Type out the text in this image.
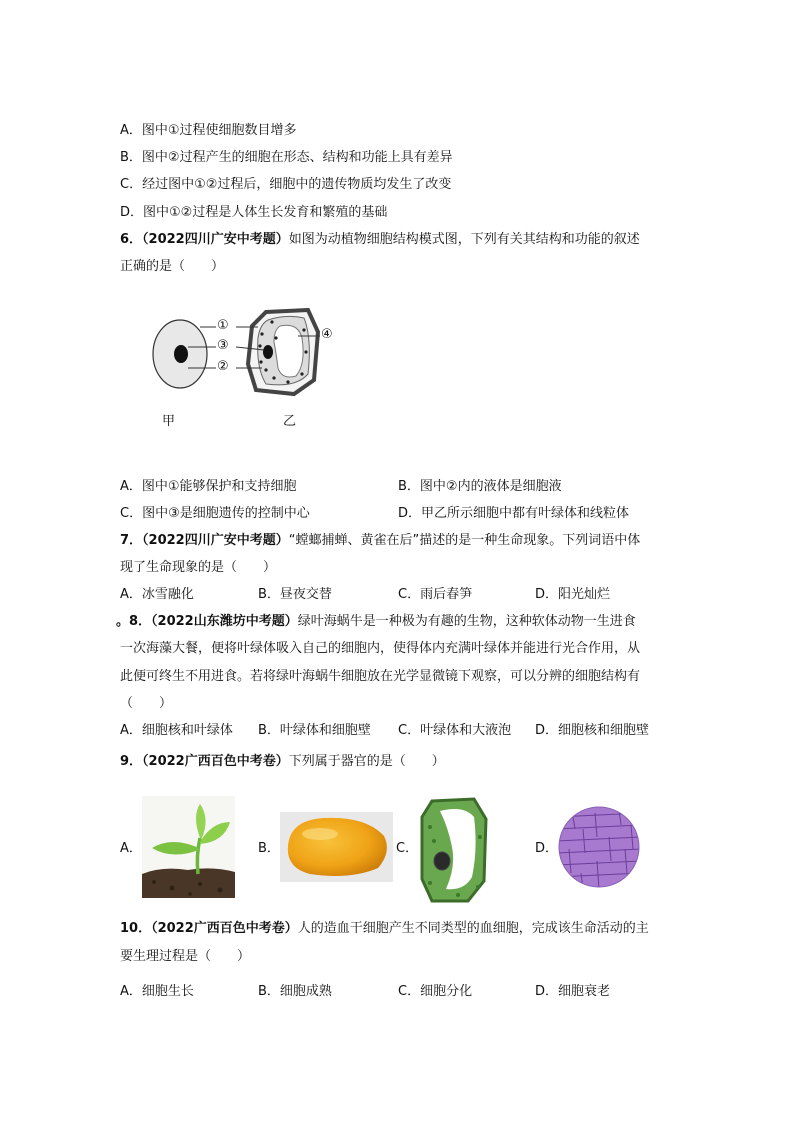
A．图中①过程使细胞数目增多
B．图中②过程产生的细胞在形态、结构和功能上具有差异
C．经过图中①②过程后，细胞中的遗传物质均发生了改变
D．图中①②过程是人体生长发育和繁殖的基础
6．（2022四川广安中考题）如图为动植物细胞结构模式图，下列有关其结构和功能的叙述
正确的是（　　）
①
③
②
④
甲	乙
A．图中①能够保护和支持细胞	B．图中②内的液体是细胞液
C．图中③是细胞遗传的控制中心	D．甲乙所示细胞中都有叶绿体和线粒体
7．（2022四川广安中考题）“螳螂捕蝉、黄雀在后”描述的是一种生命现象。下列词语中体
现了生命现象的是（　　）
A．冰雪融化	B．昼夜交替	C．雨后春笋	D．阳光灿烂
。8．（2022山东潍坊中考题）绿叶海蜗牛是一种极为有趣的生物，这种软体动物一生进食
一次海藻大餐，便将叶绿体吸入自己的细胞内，使得体内充满叶绿体并能进行光合作用，从
此便可终生不用进食。若将绿叶海蜗牛细胞放在光学显微镜下观察，可以分辨的细胞结构有
（　　）
A．细胞核和叶绿体 B．叶绿体和细胞壁 C．叶绿体和大液泡 D．细胞核和细胞壁
9．（2022广西百色中考卷）下列属于器官的是（　　）
A．	B．	C．	D．
10．（2022广西百色中考卷）人的造血干细胞产生不同类型的血细胞，完成该生命活动的主
要生理过程是（　　）
A．细胞生长	B．细胞成熟	C．细胞分化	D．细胞衰老
